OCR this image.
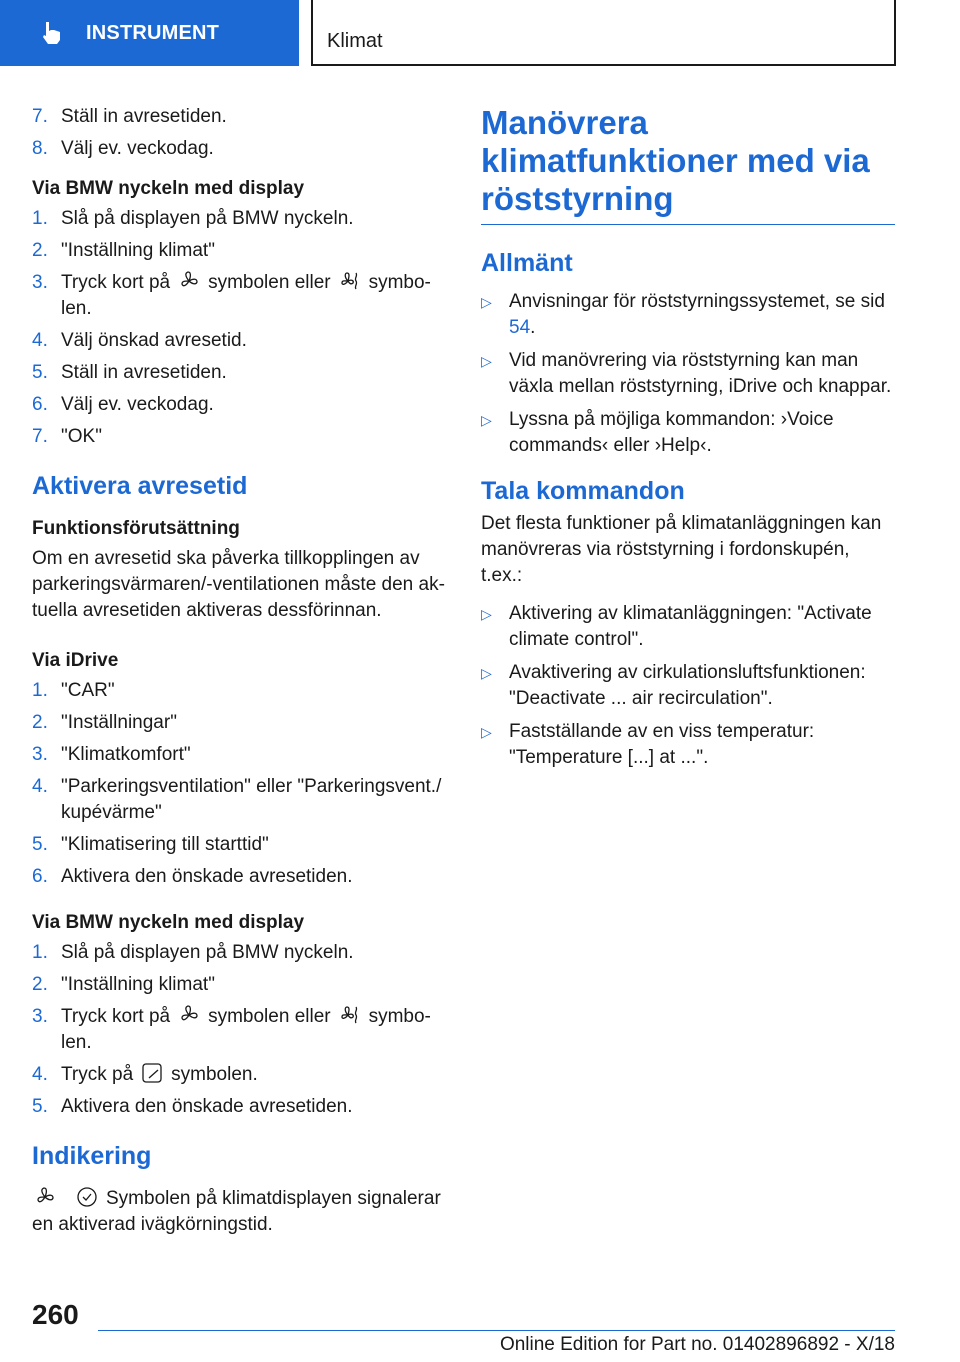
INSTRUMENT	Klimat
7. Ställ in avresetiden.
8. Välj ev. veckodag.
Via BMW nyckeln med display
1. Slå på displayen på BMW nyckeln.
2. "Inställning klimat"
3. Tryck kort på symbolen eller symbo-
len.
4. Välj önskad avresetid.
5. Ställ in avresetiden.
6. Välj ev. veckodag.
7. "OK"
Aktivera avresetid
Funktionsförutsättning

Om en avresetid ska påverka tillkopplingen av parkeringsvärmaren/-ventilationen måste den aktuella avresetiden aktiveras dessförinnan.

Via iDrive
1. "CAR"
2. "Inställningar"
3. "Klimatkomfort"
4. "Parkeringsventilation" eller "Parkeringsvent./ kupévärme"
5. "Klimatisering till starttid"
6. Aktivera den önskade avresetiden.
Via BMW nyckeln med display
1. Slå på displayen på BMW nyckeln.
2. "Inställning klimat"
3. Tryck kort på symbolen eller symbo-
len.
4. Tryck på symbolen.
5. Aktivera den önskade avresetiden.
Indikering

Symbolen på klimatdisplayen signalerar
en aktiverad ivägkörningstid.

Manövrera klimatfunktioner med via röststyrning
Allmänt
▷ Anvisningar för röststyrningssystemet, se sid 54.
▷ Vid manövrering via röststyrning kan man växla mellan röststyrning, iDrive och knappar.
▷ Lyssna på möjliga kommandon: ›Voice commands‹ eller ›Help‹.
Tala kommandon

Det flesta funktioner på klimatanläggningen kan manövreras via röststyrning i fordonskupén, t.ex.:

▷ Aktivering av klimatanläggningen: "Activate climate control".
▷ Avaktivering av cirkulationsluftsfunktionen: "Deactivate ... air recirculation".
▷ Fastställande av en viss temperatur: "Temperature [...] at ...".
260
Online Edition for Part no. 01402896892 - X/18
